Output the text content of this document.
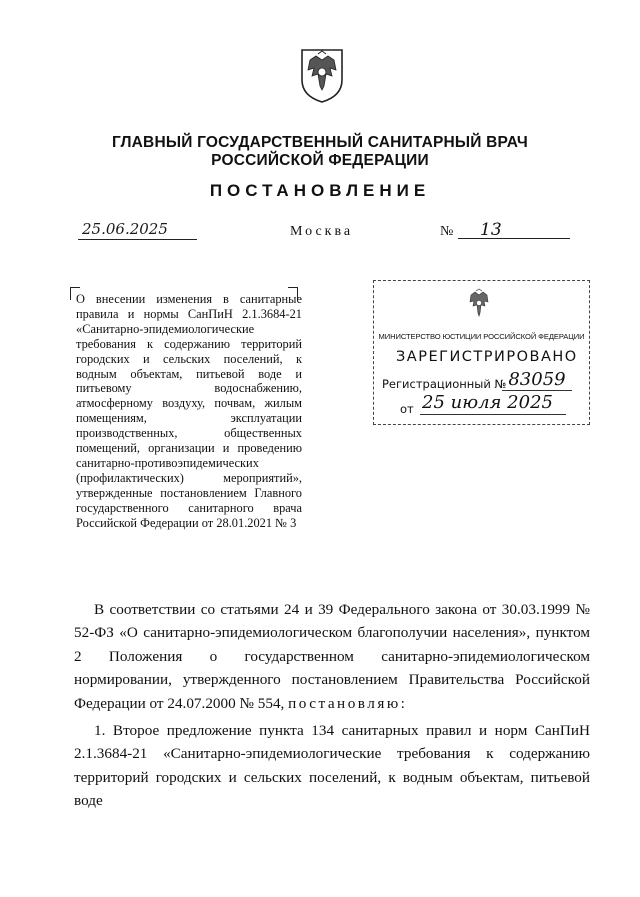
ГЛАВНЫЙ ГОСУДАРСТВЕННЫЙ САНИТАРНЫЙ ВРАЧ
РОССИЙСКОЙ ФЕДЕРАЦИИ
ПОСТАНОВЛЕНИЕ
25.06.2025	Москва	№	13
О внесении изменения в санитарные правила и нормы СанПиН 2.1.3684-21 «Санитарно-эпидемиологические требования к содержанию территорий городских и сельских поселений, к водным объектам, питьевой воде и питьевому водоснабжению, атмосферному воздуху, почвам, жилым помещениям, эксплуатации производственных, общественных помещений, организации и проведению санитарно-противоэпидемических (профилактических) мероприятий», утвержденные постановлением Главного государственного санитарного врача Российской Федерации от 28.01.2021 № 3
МИНИСТЕРСТВО ЮСТИЦИИ РОССИЙСКОЙ ФЕДЕРАЦИИ
ЗАРЕГИСТРИРОВАНО
Регистрационный № 83059
от 25 июля 2025

В соответствии со статьями 24 и 39 Федерального закона от 30.03.1999 № 52-ФЗ «О санитарно-эпидемиологическом благополучии населения», пунктом 2 Положения о государственном санитарно-эпидемиологическом нормировании, утвержденного постановлением Правительства Российской Федерации от 24.07.2000 № 554, постановляю:

1. Второе предложение пункта 134 санитарных правил и норм СанПиН 2.1.3684-21 «Санитарно-эпидемиологические требования к содержанию территорий городских и сельских поселений, к водным объектам, питьевой воде
